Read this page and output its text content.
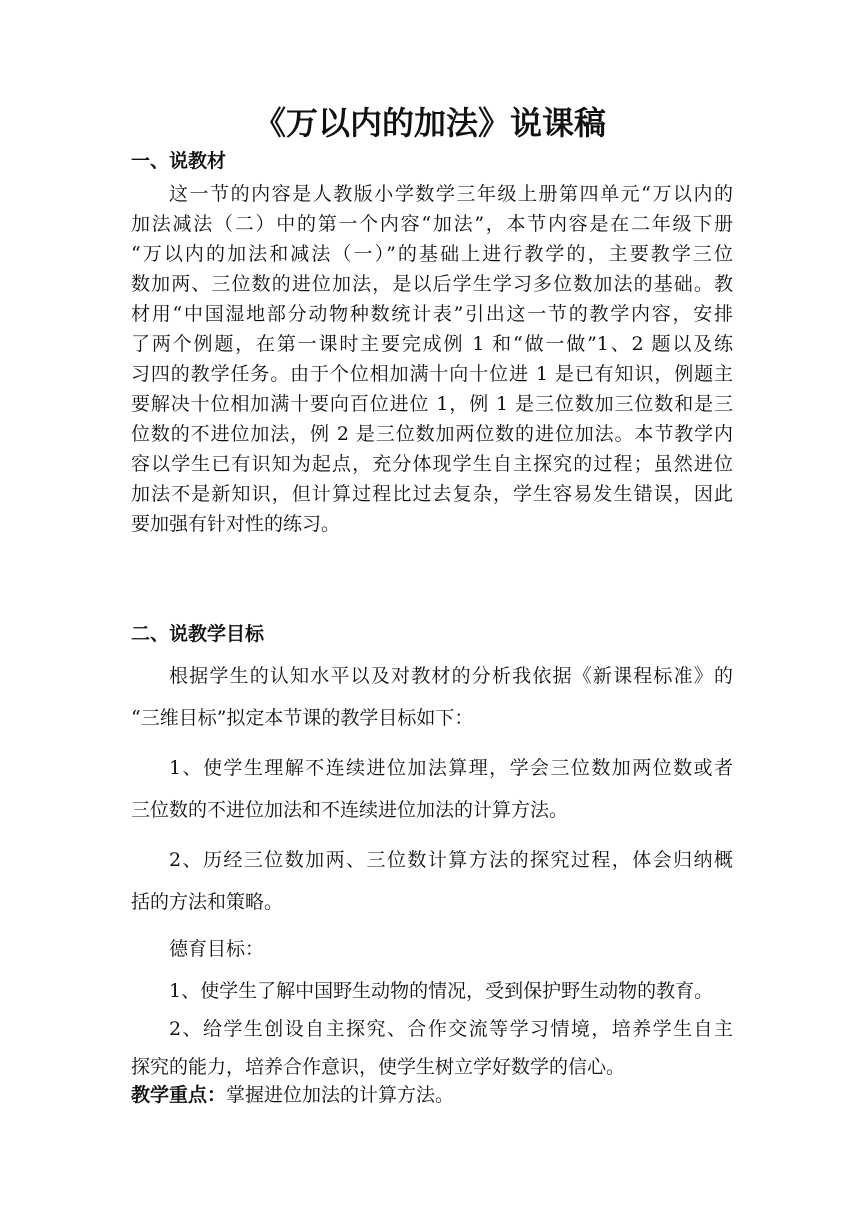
《万以内的加法》说课稿
一、说教材
这一节的内容是人教版小学数学三年级上册第四单元“万以内的
加法减法（二）中的第一个内容“加法”，本节内容是在二年级下册
“万以内的加法和减法（一）”的基础上进行教学的，主要教学三位
数加两、三位数的进位加法，是以后学生学习多位数加法的基础。教
材用“中国湿地部分动物种数统计表”引出这一节的教学内容，安排
了两个例题，在第一课时主要完成例 1 和“做一做”1、2 题以及练
习四的教学任务。由于个位相加满十向十位进 1 是已有知识，例题主
要解决十位相加满十要向百位进位 1，例 1 是三位数加三位数和是三
位数的不进位加法，例 2 是三位数加两位数的进位加法。本节教学内
容以学生已有识知为起点，充分体现学生自主探究的过程；虽然进位
加法不是新知识，但计算过程比过去复杂，学生容易发生错误，因此
要加强有针对性的练习。
二、说教学目标
根据学生的认知水平以及对教材的分析我依据《新课程标准》的
“三维目标”拟定本节课的教学目标如下：
1、使学生理解不连续进位加法算理，学会三位数加两位数或者
三位数的不进位加法和不连续进位加法的计算方法。
2、历经三位数加两、三位数计算方法的探究过程，体会归纳概
括的方法和策略。
德育目标：
1、使学生了解中国野生动物的情况，受到保护野生动物的教育。
2、给学生创设自主探究、合作交流等学习情境，培养学生自主
探究的能力，培养合作意识，使学生树立学好数学的信心。
教学重点：掌握进位加法的计算方法。
